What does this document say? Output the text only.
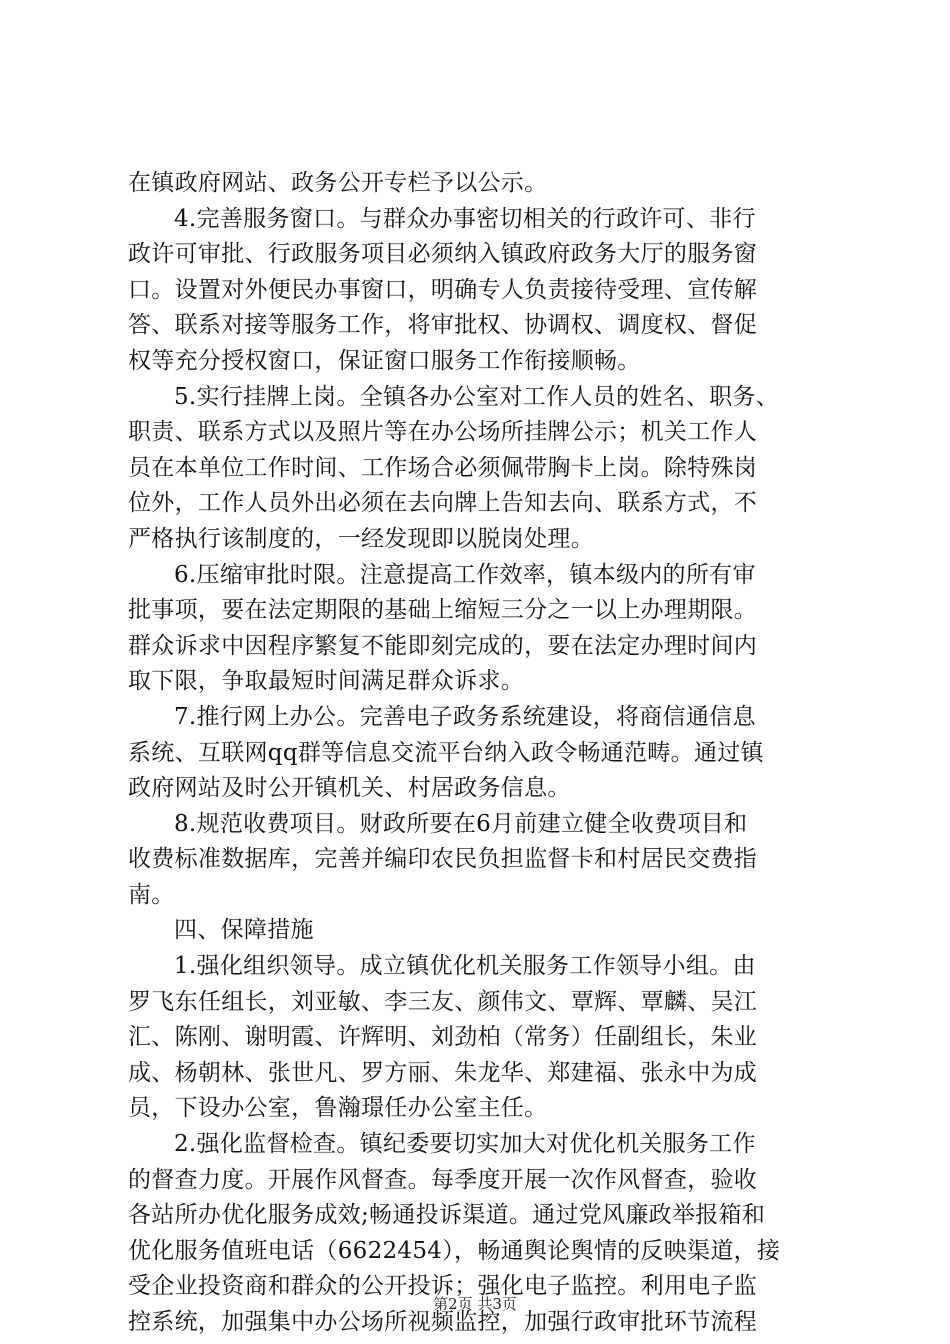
在镇政府网站、政务公开专栏予以公示。
4.完善服务窗口。与群众办事密切相关的行政许可、非行
政许可审批、行政服务项目必须纳入镇政府政务大厅的服务窗
口。设置对外便民办事窗口，明确专人负责接待受理、宣传解
答、联系对接等服务工作，将审批权、协调权、调度权、督促
权等充分授权窗口，保证窗口服务工作衔接顺畅。
5.实行挂牌上岗。全镇各办公室对工作人员的姓名、职务、
职责、联系方式以及照片等在办公场所挂牌公示；机关工作人
员在本单位工作时间、工作场合必须佩带胸卡上岗。除特殊岗
位外，工作人员外出必须在去向牌上告知去向、联系方式，不
严格执行该制度的，一经发现即以脱岗处理。
6.压缩审批时限。注意提高工作效率，镇本级内的所有审
批事项，要在法定期限的基础上缩短三分之一以上办理期限。
群众诉求中因程序繁复不能即刻完成的，要在法定办理时间内
取下限，争取最短时间满足群众诉求。
7.推行网上办公。完善电子政务系统建设，将商信通信息
系统、互联网qq群等信息交流平台纳入政令畅通范畴。通过镇
政府网站及时公开镇机关、村居政务信息。
8.规范收费项目。财政所要在6月前建立健全收费项目和
收费标准数据库，完善并编印农民负担监督卡和村居民交费指
南。
四、保障措施
1.强化组织领导。成立镇优化机关服务工作领导小组。由
罗飞东任组长，刘亚敏、李三友、颜伟文、覃辉、覃麟、吴江
汇、陈刚、谢明霞、许辉明、刘劲柏（常务）任副组长，朱业
成、杨朝林、张世凡、罗方丽、朱龙华、郑建福、张永中为成
员，下设办公室，鲁瀚璟任办公室主任。
2.强化监督检查。镇纪委要切实加大对优化机关服务工作
的督查力度。开展作风督查。每季度开展一次作风督查，验收
各站所办优化服务成效;畅通投诉渠道。通过党风廉政举报箱和
优化服务值班电话（6622454），畅通舆论舆情的反映渠道，接
受企业投资商和群众的公开投诉；强化电子监控。利用电子监
控系统，加强集中办公场所视频监控，加强行政审批环节流程
第2页 共3页
